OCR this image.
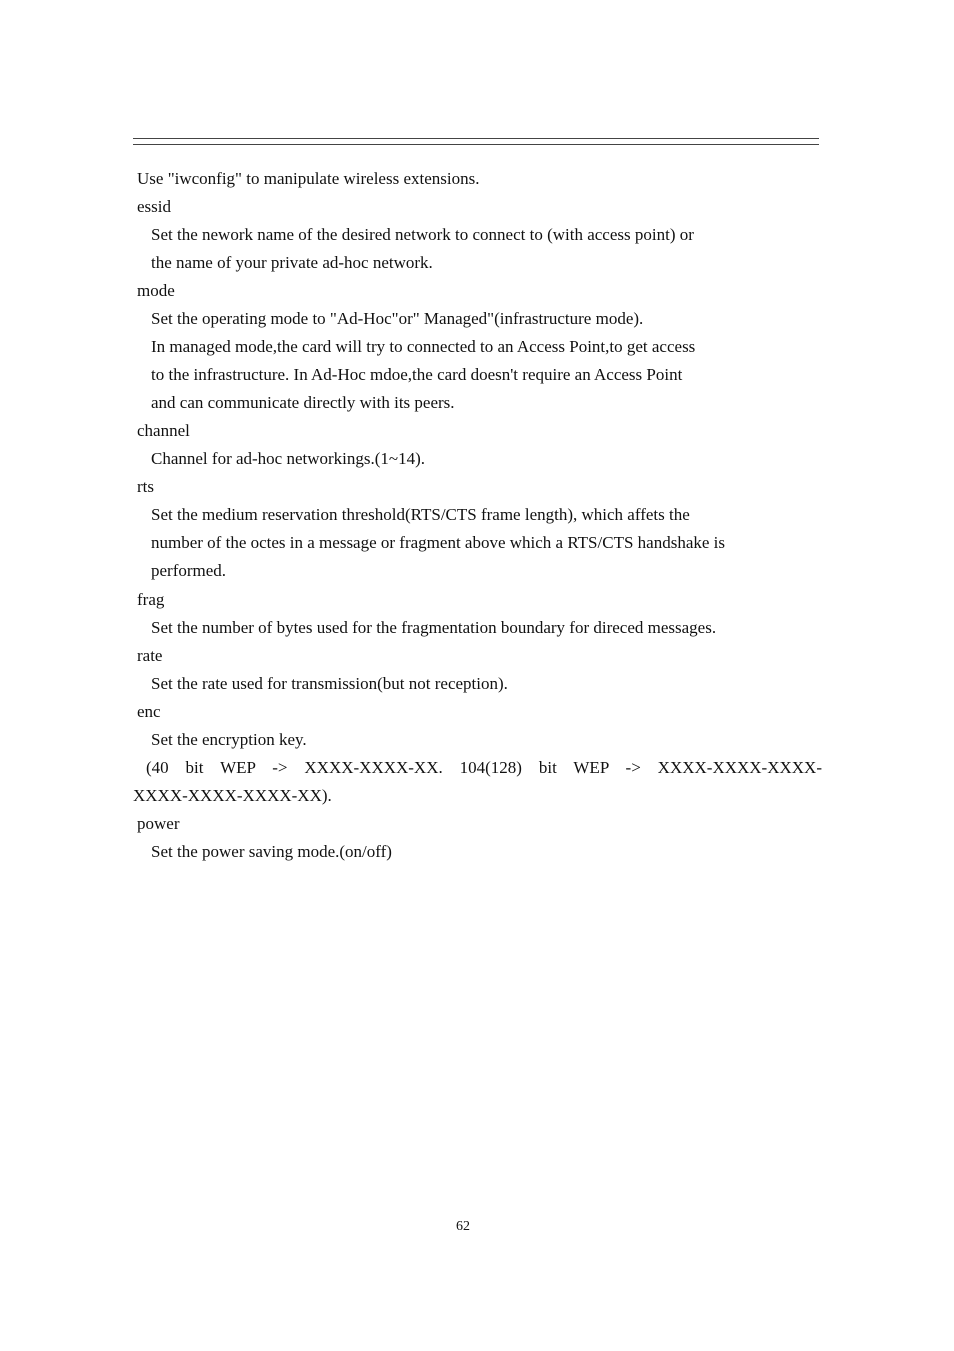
Use "iwconfig" to manipulate wireless extensions.
essid
Set the nework name of the desired network to connect to (with access point) or
the name of your private ad-hoc network.
mode
Set the operating mode to "Ad-Hoc"or" Managed"(infrastructure mode).
In managed mode,the card will try to connected to an Access Point,to get access
to the infrastructure. In Ad-Hoc mdoe,the card doesn't require an Access Point
and can communicate directly with its peers.
channel
Channel for ad-hoc networkings.(1~14).
rts
Set the medium reservation threshold(RTS/CTS frame length), which affets the
number of the octes in a message or fragment above which a RTS/CTS handshake is
performed.
frag
Set the number of bytes used for the fragmentation boundary for direced messages.
rate
Set the rate used for transmission(but not reception).
enc
Set the encryption key.
(40 bit WEP -> XXXX-XXXX-XX. 104(128) bit WEP -> XXXX-XXXX-XXXX-
XXXX-XXXX-XXXX-XX).
power
Set the power saving mode.(on/off)
62
